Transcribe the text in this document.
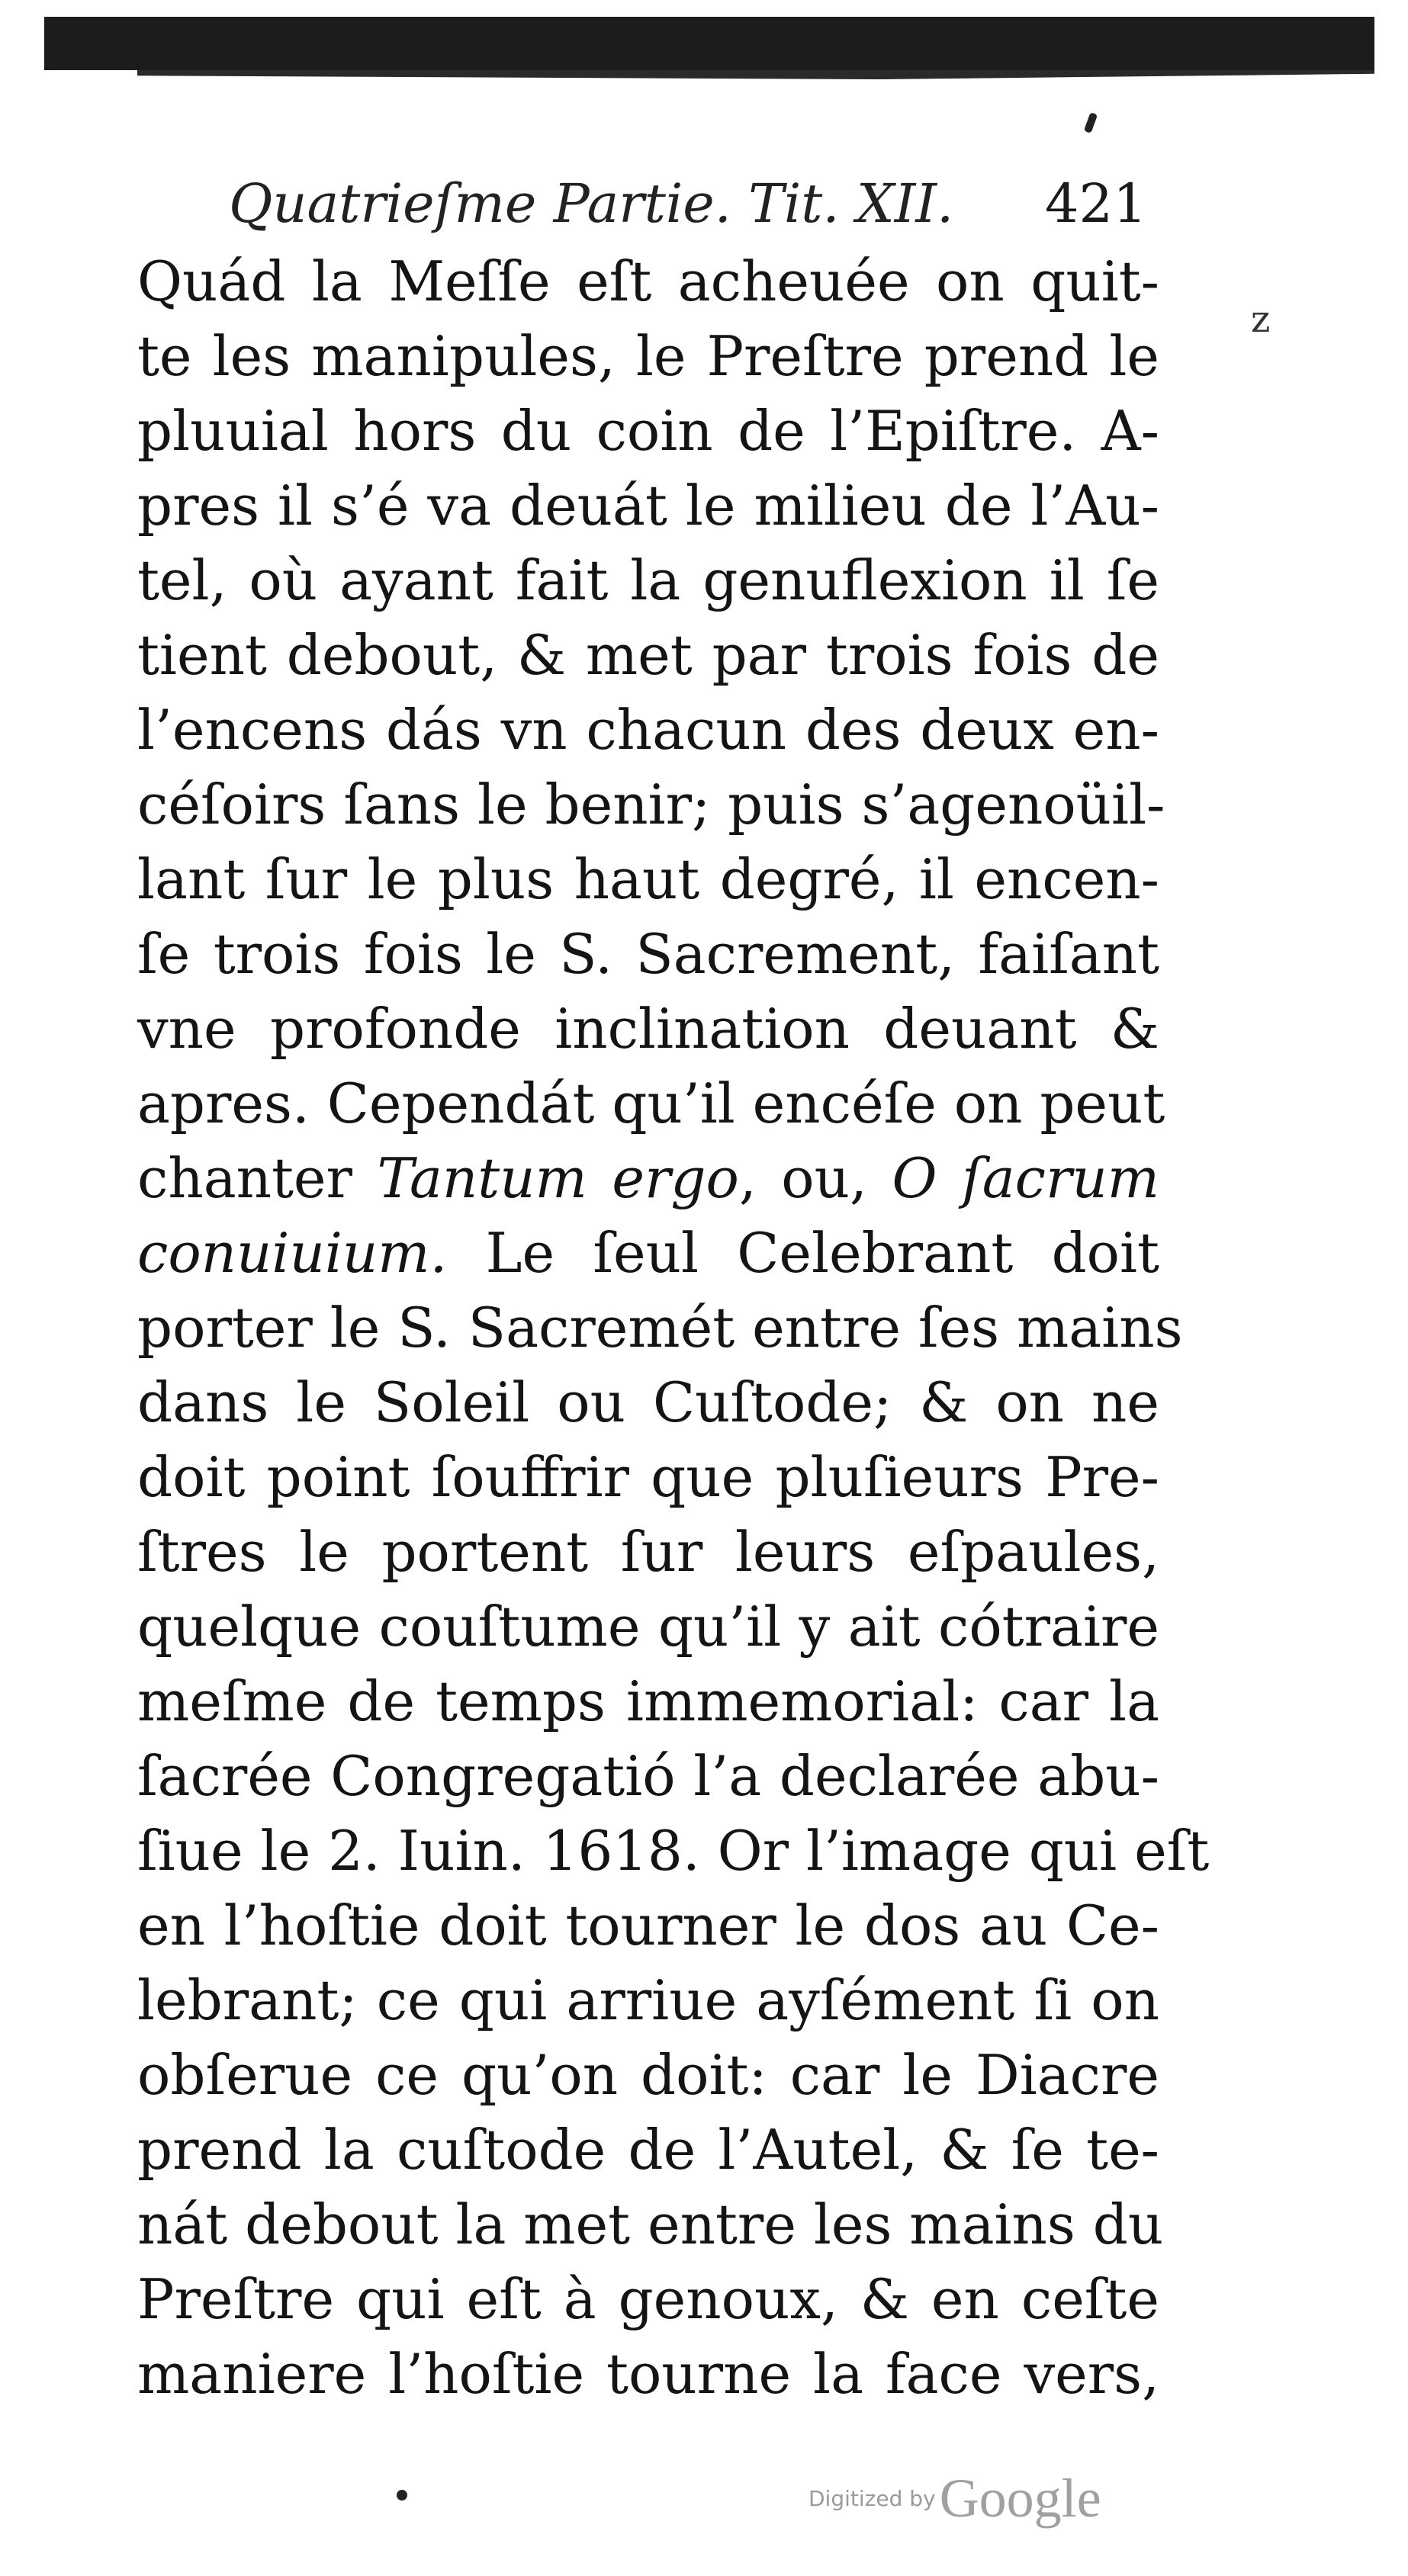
Quatrieſme Partie. Tit. XII.	421
z
Quád la Meſſe eſt acheuée on quit-
te les manipules, le Preſtre prend le
pluuial hors du coin de l’Epiſtre. A-
pres il s’é va deuát le milieu de l’Au-
tel, où ayant fait la genuflexion il ſe
tient debout, & met par trois fois de
l’encens dás vn chacun des deux en-
céſoirs ſans le benir; puis s’agenoüil-
lant ſur le plus haut degré, il encen-
ſe trois fois le S. Sacrement, faiſant
vne profonde inclination deuant &
apres. Cependát qu’il encéſe on peut
chanter Tantum ergo, ou, O ſacrum
conuiuium. Le ſeul Celebrant doit
porter le S. Sacremét entre ſes mains
dans le Soleil ou Cuſtode; & on ne
doit point ſouffrir que pluſieurs Pre-
ſtres le portent ſur leurs eſpaules,
quelque couſtume qu’il y ait cótraire
meſme de temps immemorial: car la
ſacrée Congregatió l’a declarée abu-
ſiue le 2. Iuin. 1618. Or l’image qui eſt
en l’hoſtie doit tourner le dos au Ce-
lebrant; ce qui arriue ayſément ſi on
obſerue ce qu’on doit: car le Diacre
prend la cuſtode de l’Autel, & ſe te-
nát debout la met entre les mains du
Preſtre qui eſt à genoux, & en ceſte
maniere l’hoſtie tourne la face vers,
Digitized by Google
